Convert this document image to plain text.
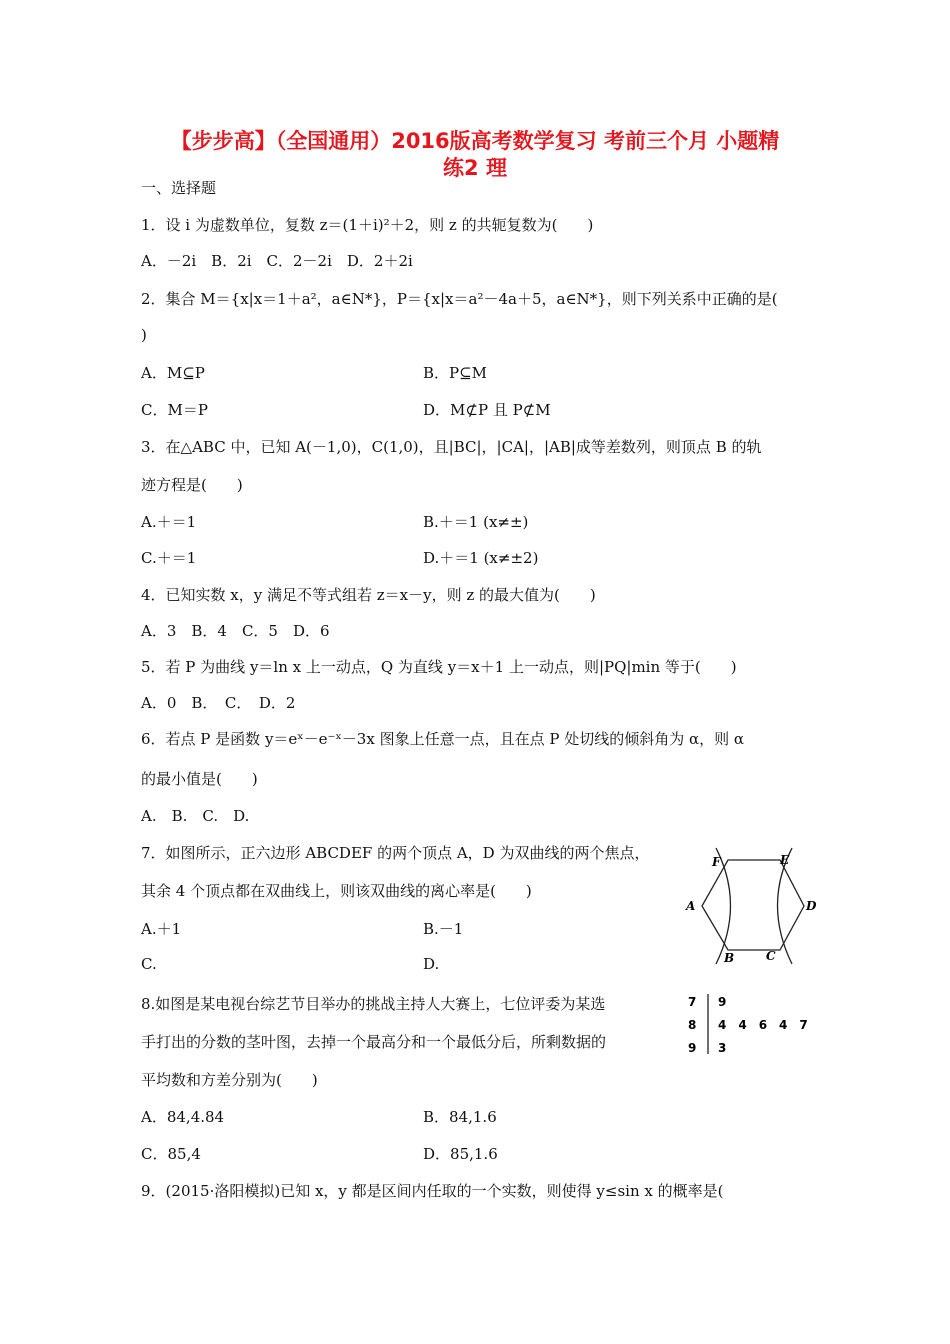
【步步高】（全国通用）2016版高考数学复习 考前三个月 小题精
练2 理
一、选择题
1．设 i 为虚数单位，复数 z＝(1＋i)²＋2，则 z 的共轭复数为(　　)
A．－2i　B．2i　C．2－2i　D．2＋2i
2．集合 M＝{x|x＝1＋a²，a∈N*}，P＝{x|x＝a²－4a＋5，a∈N*}，则下列关系中正确的是(
)
A．M⊆P	B．P⊆M
C．M＝P	D．M⊄P 且 P⊄M
3．在△ABC 中，已知 A(－1,0)，C(1,0)，且|BC|，|CA|，|AB|成等差数列，则顶点 B 的轨
迹方程是(　　)
A.＋＝1	B.＋＝1 (x≠±)
C.＋＝1	D.＋＝1 (x≠±2)
4．已知实数 x，y 满足不等式组若 z＝x－y，则 z 的最大值为(　　)
A．3　B．4　C．5　D．6
5．若 P 为曲线 y＝ln x 上一动点，Q 为直线 y＝x＋1 上一动点，则|PQ|min 等于(　　)
A．0　B．　C．　D．2
6．若点 P 是函数 y＝eˣ－e⁻ˣ－3x 图象上任意一点，且在点 P 处切线的倾斜角为 α，则 α
的最小值是(　　)
A.　B.　C.　D.
7．如图所示，正六边形 ABCDEF 的两个顶点 A，D 为双曲线的两个焦点，
其余 4 个顶点都在双曲线上，则该双曲线的离心率是(　　)
A.＋1	B.－1
C.	D.
A
B	C
D
E
F
8.如图是某电视台综艺节目举办的挑战主持人大赛上，七位评委为某选
手打出的分数的茎叶图，去掉一个最高分和一个最低分后，所剩数据的
平均数和方差分别为(　　)
A．84,4.84	B．84,1.6
C．85,4	D．85,1.6
7 9
8 4　4　6　4　7
9 3
9．(2015·洛阳模拟)已知 x，y 都是区间内任取的一个实数，则使得 y≤sin x 的概率是(
